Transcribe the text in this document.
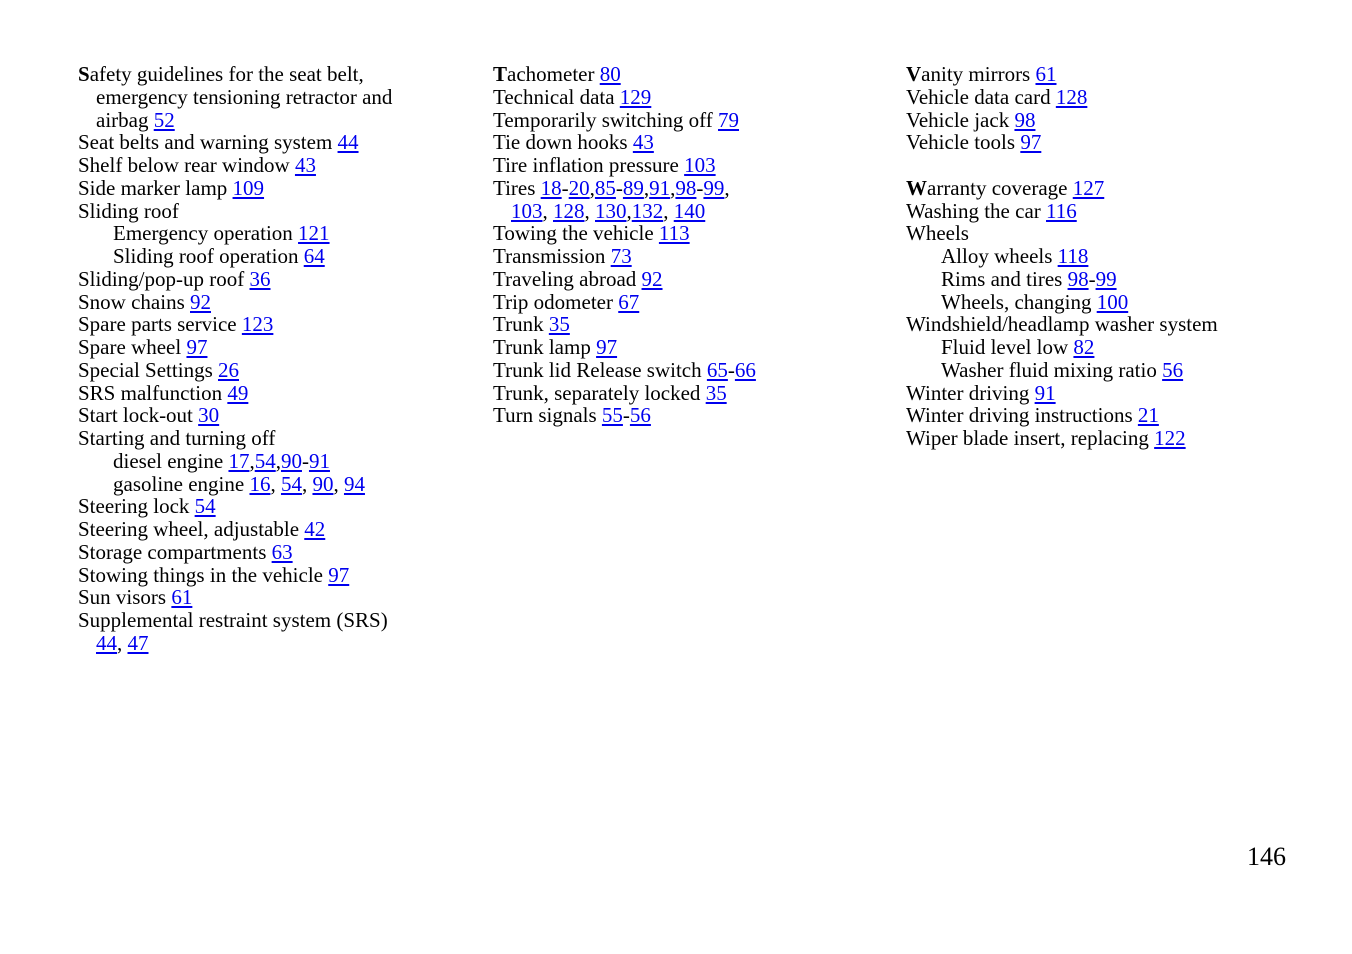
Safety guidelines for the seat belt,
emergency tensioning retractor and
airbag 52
Seat belts and warning system 44
Shelf below rear window 43
Side marker lamp 109
Sliding roof
Emergency operation 121
Sliding roof operation 64
Sliding/pop-up roof 36
Snow chains 92
Spare parts service 123
Spare wheel 97
Special Settings 26
SRS malfunction 49
Start lock-out 30
Starting and turning off
diesel engine 17,54,90-91
gasoline engine 16, 54, 90, 94
Steering lock 54
Steering wheel, adjustable 42
Storage compartments 63
Stowing things in the vehicle 97
Sun visors 61
Supplemental restraint system (SRS)
44, 47
Tachometer 80
Technical data 129
Temporarily switching off 79
Tie down hooks 43
Tire inflation pressure 103
Tires 18-20,85-89,91,98-99,
103, 128, 130,132, 140
Towing the vehicle 113
Transmission 73
Traveling abroad 92
Trip odometer 67
Trunk 35
Trunk lamp 97
Trunk lid Release switch 65-66
Trunk, separately locked 35
Turn signals 55-56
Vanity mirrors 61
Vehicle data card 128
Vehicle jack 98
Vehicle tools 97
Warranty coverage 127
Washing the car 116
Wheels
Alloy wheels 118
Rims and tires 98-99
Wheels, changing 100
Windshield/headlamp washer system
Fluid level low 82
Washer fluid mixing ratio 56
Winter driving 91
Winter driving instructions 21
Wiper blade insert, replacing 122
146
